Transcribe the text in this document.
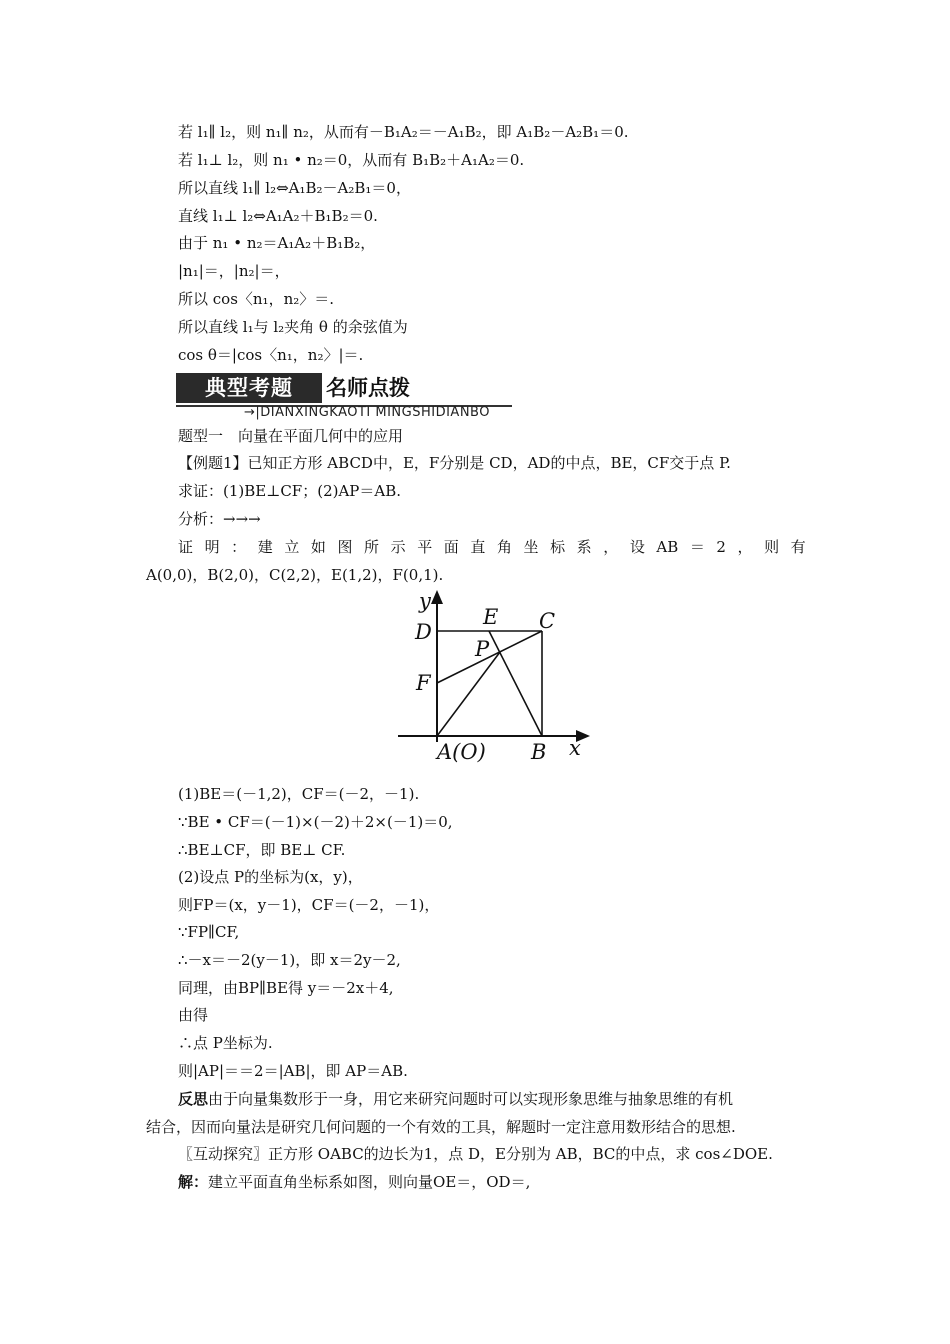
若 l₁∥ l₂，则 n₁∥ n₂，从而有－B₁A₂＝－A₁B₂，即 A₁B₂－A₂B₁＝0.
若 l₁⊥ l₂，则 n₁ • n₂＝0，从而有 B₁B₂＋A₁A₂＝0.
所以直线 l₁∥ l₂⇔A₁B₂－A₂B₁＝0，
直线 l₁⊥ l₂⇔A₁A₂＋B₁B₂＝0.
由于 n₁ • n₂＝A₁A₂＋B₁B₂，
|n₁|＝，|n₂|＝，
所以 cos〈n₁，n₂〉＝.
所以直线 l₁与 l₂夹角 θ 的余弦值为
cos θ＝|cos〈n₁，n₂〉|＝.
典型考题	名师点拨
→|DIANXINGKAOTI MINGSHIDIANBO
题型一　向量在平面几何中的应用
【例题1】已知正方形 ABCD中，E，F分别是 CD，AD的中点，BE，CF交于点 P.
求证：(1)BE⊥CF；(2)AP＝AB.
分析：→→→
证 明 ： 建 立 如 图 所 示 平 面 直 角 坐 标 系 ， 设 AB ＝ 2 ， 则 有
A(0,0)，B(2,0)，C(2,2)，E(1,2)，F(0,1).
y
D
E C
P
F
A(O) B x
(1)BE＝(－1,2)，CF＝(－2，－1).
∵BE • CF＝(－1)×(－2)＋2×(－1)＝0,
∴BE⊥CF，即 BE⊥ CF.
(2)设点 P的坐标为(x，y)，
则FP＝(x，y－1)，CF＝(－2，－1)，
∵FP∥CF,
∴－x＝－2(y－1)，即 x＝2y－2,
同理，由BP∥BE得 y＝－2x＋4,
由得
∴点 P坐标为.
则|AP|＝＝2＝|AB|，即 AP＝AB.
反思由于向量集数形于一身，用它来研究问题时可以实现形象思维与抽象思维的有机
结合，因而向量法是研究几何问题的一个有效的工具，解题时一定注意用数形结合的思想.
〖互动探究〗正方形 OABC的边长为1，点 D，E分别为 AB，BC的中点，求 cos∠DOE.
解：建立平面直角坐标系如图，则向量OE＝，OD＝,
